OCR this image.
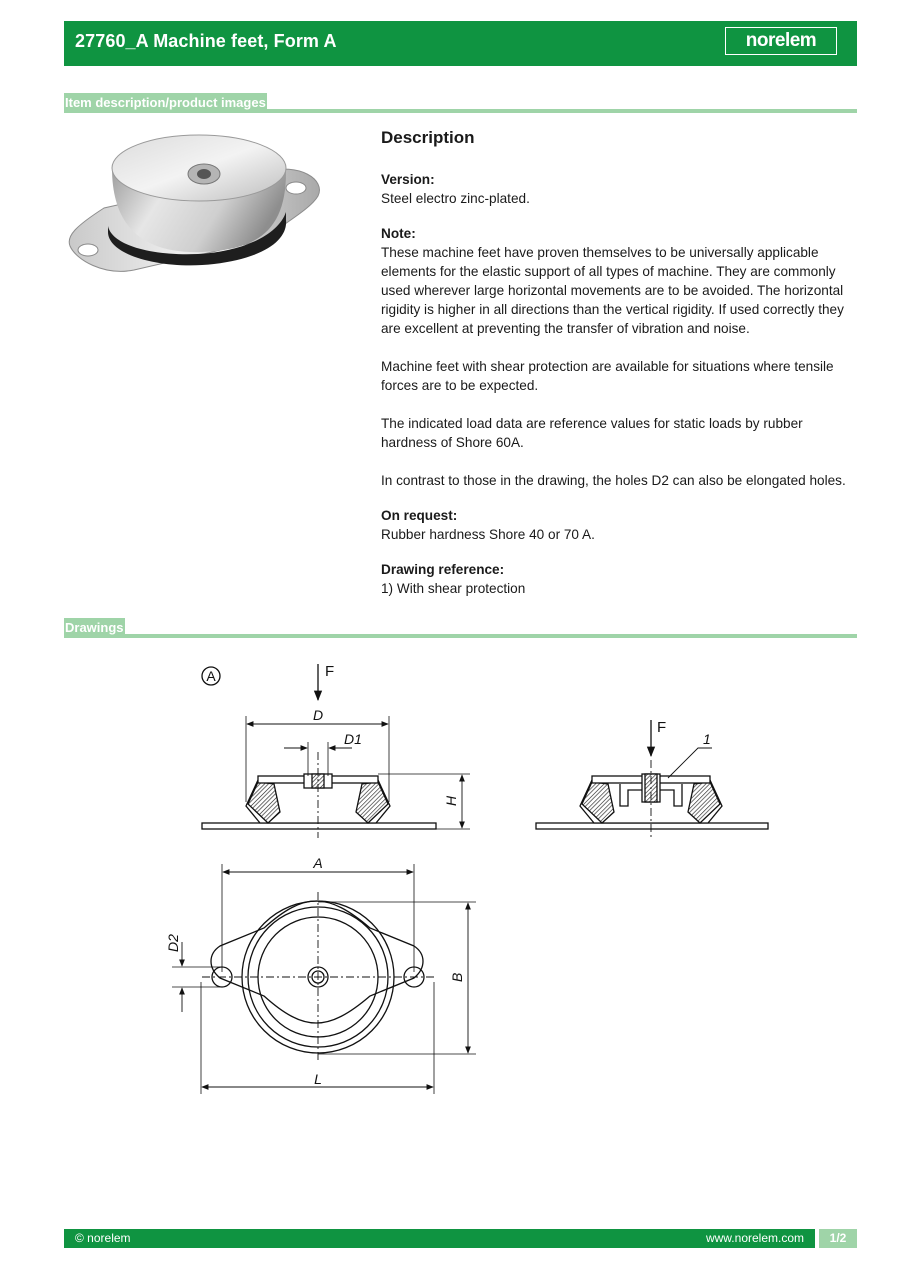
27760_A Machine feet, Form A	norelem
Item description/product images
Description

Version:
Steel electro zinc-plated.

Note:
These machine feet have proven themselves to be universally applicable elements for the elastic support of all types of machine. They are commonly used wherever large horizontal movements are to be avoided. The horizontal rigidity is higher in all directions than the vertical rigidity. If used correctly they are excellent at preventing the transfer of vibration and noise.

Machine feet with shear protection are available for situations where tensile forces are to be expected.

The indicated load data are reference values for static loads by rubber hardness of Shore 60A.

In contrast to those in the drawing, the holes D2 can also be elongated holes.

On request:
Rubber hardness Shore 40 or 70 A.

Drawing reference:
1) With shear protection

Drawings
A	F
D
D1
H
F
1
A
B
D2
L
© norelem	www.norelem.com	1/2
